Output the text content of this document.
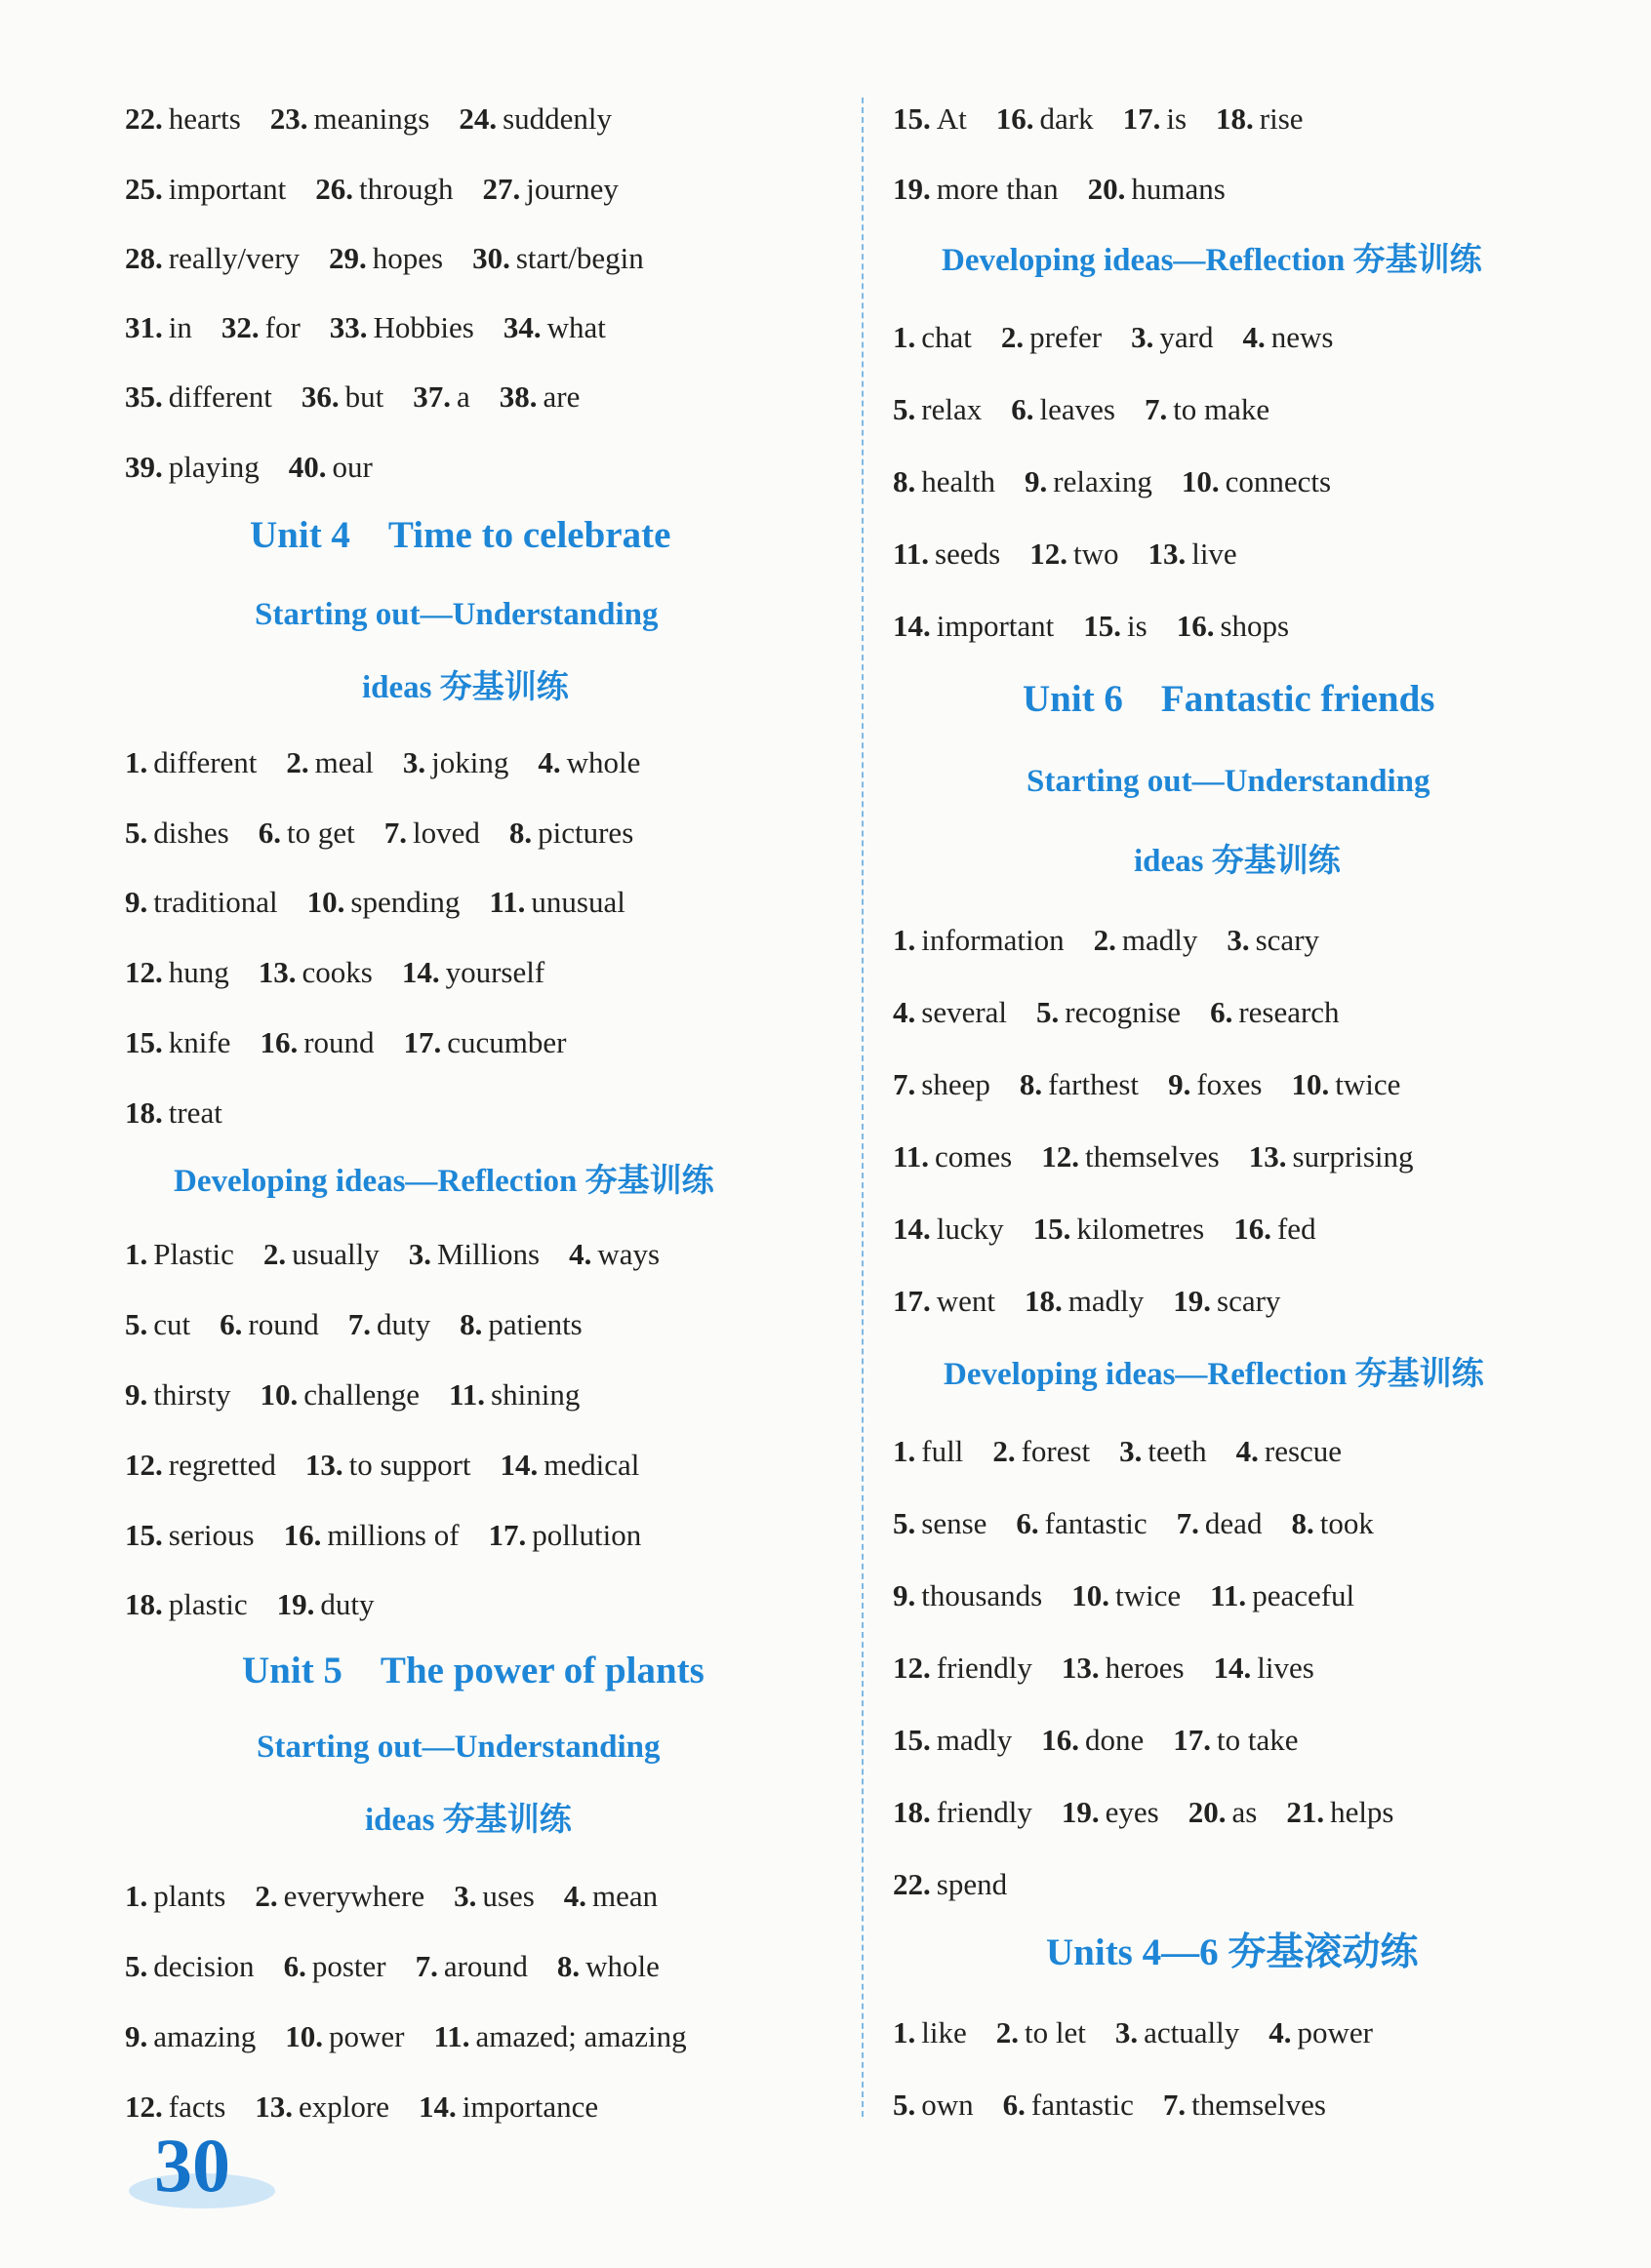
22. hearts 23. meanings 24. suddenly
25. important 26. through 27. journey
28. really/very 29. hopes 30. start/begin
31. in 32. for 33. Hobbies 34. what
35. different 36. but 37. a 38. are
39. playing 40. our
Unit 4　Time to celebrate
Starting out—Understanding
ideas 夯基训练
1. different 2. meal 3. joking 4. whole
5. dishes 6. to get 7. loved 8. pictures
9. traditional 10. spending 11. unusual
12. hung 13. cooks 14. yourself
15. knife 16. round 17. cucumber
18. treat
Developing ideas—Reflection 夯基训练
1. Plastic 2. usually 3. Millions 4. ways
5. cut 6. round 7. duty 8. patients
9. thirsty 10. challenge 11. shining
12. regretted 13. to support 14. medical
15. serious 16. millions of 17. pollution
18. plastic 19. duty
Unit 5　The power of plants
Starting out—Understanding
ideas 夯基训练
1. plants 2. everywhere 3. uses 4. mean
5. decision 6. poster 7. around 8. whole
9. amazing 10. power 11. amazed; amazing
12. facts 13. explore 14. importance
15. At 16. dark 17. is 18. rise
19. more than 20. humans
Developing ideas—Reflection 夯基训练
1. chat 2. prefer 3. yard 4. news
5. relax 6. leaves 7. to make
8. health 9. relaxing 10. connects
11. seeds 12. two 13. live
14. important 15. is 16. shops
Unit 6　Fantastic friends
Starting out—Understanding
ideas 夯基训练
1. information 2. madly 3. scary
4. several 5. recognise 6. research
7. sheep 8. farthest 9. foxes 10. twice
11. comes 12. themselves 13. surprising
14. lucky 15. kilometres 16. fed
17. went 18. madly 19. scary
Developing ideas—Reflection 夯基训练
1. full 2. forest 3. teeth 4. rescue
5. sense 6. fantastic 7. dead 8. took
9. thousands 10. twice 11. peaceful
12. friendly 13. heroes 14. lives
15. madly 16. done 17. to take
18. friendly 19. eyes 20. as 21. helps
22. spend
Units 4—6 夯基滚动练
1. like 2. to let 3. actually 4. power
5. own 6. fantastic 7. themselves
30
